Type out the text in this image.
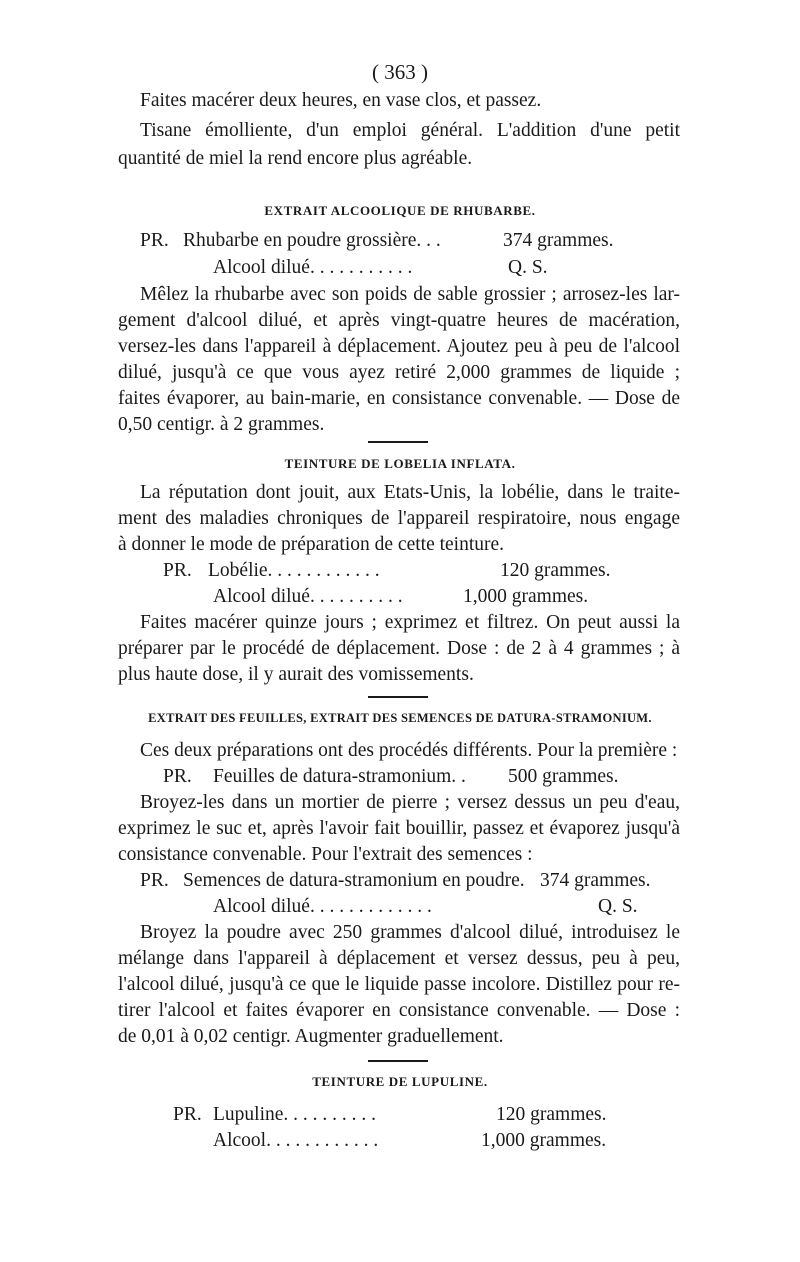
( 363 )
Faites macérer deux heures, en vase clos, et passez.
Tisane émolliente, d'un emploi général. L'addition d'une petit
quantité de miel la rend encore plus agréable.
EXTRAIT ALCOOLIQUE DE RHUBARBE.
PR. Rhubarbe en poudre grossière. . .	374 grammes.
Alcool dilué. . . . . . . . . . .	Q. S.
Mêlez la rhubarbe avec son poids de sable grossier ; arrosez-les lar-
gement d'alcool dilué, et après vingt-quatre heures de macération,
versez-les dans l'appareil à déplacement. Ajoutez peu à peu de l'alcool
dilué, jusqu'à ce que vous ayez retiré 2,000 grammes de liquide ;
faites évaporer, au bain-marie, en consistance convenable. — Dose de
0,50 centigr. à 2 grammes.
TEINTURE DE LOBELIA INFLATA.
La réputation dont jouit, aux Etats-Unis, la lobélie, dans le traite-
ment des maladies chroniques de l'appareil respiratoire, nous engage
à donner le mode de préparation de cette teinture.
PR. Lobélie. . . . . . . . . . . .	120 grammes.
Alcool dilué. . . . . . . . . .	1,000 grammes.
Faites macérer quinze jours ; exprimez et filtrez. On peut aussi la
préparer par le procédé de déplacement. Dose : de 2 à 4 grammes ; à
plus haute dose, il y aurait des vomissements.
EXTRAIT DES FEUILLES, EXTRAIT DES SEMENCES DE DATURA-STRAMONIUM.
Ces deux préparations ont des procédés différents. Pour la première :
PR. Feuilles de datura-stramonium. . 500 grammes.
Broyez-les dans un mortier de pierre ; versez dessus un peu d'eau,
exprimez le suc et, après l'avoir fait bouillir, passez et évaporez jusqu'à
consistance convenable. Pour l'extrait des semences :
PR. Semences de datura-stramonium en poudre. 374 grammes.
Alcool dilué. . . . . . . . . . . . .	Q. S.
Broyez la poudre avec 250 grammes d'alcool dilué, introduisez le
mélange dans l'appareil à déplacement et versez dessus, peu à peu,
l'alcool dilué, jusqu'à ce que le liquide passe incolore. Distillez pour re-
tirer l'alcool et faites évaporer en consistance convenable. — Dose :
de 0,01 à 0,02 centigr. Augmenter graduellement.
TEINTURE DE LUPULINE.
PR. Lupuline. . . . . . . . . .	120 grammes.
Alcool. . . . . . . . . . . .	1,000 grammes.
